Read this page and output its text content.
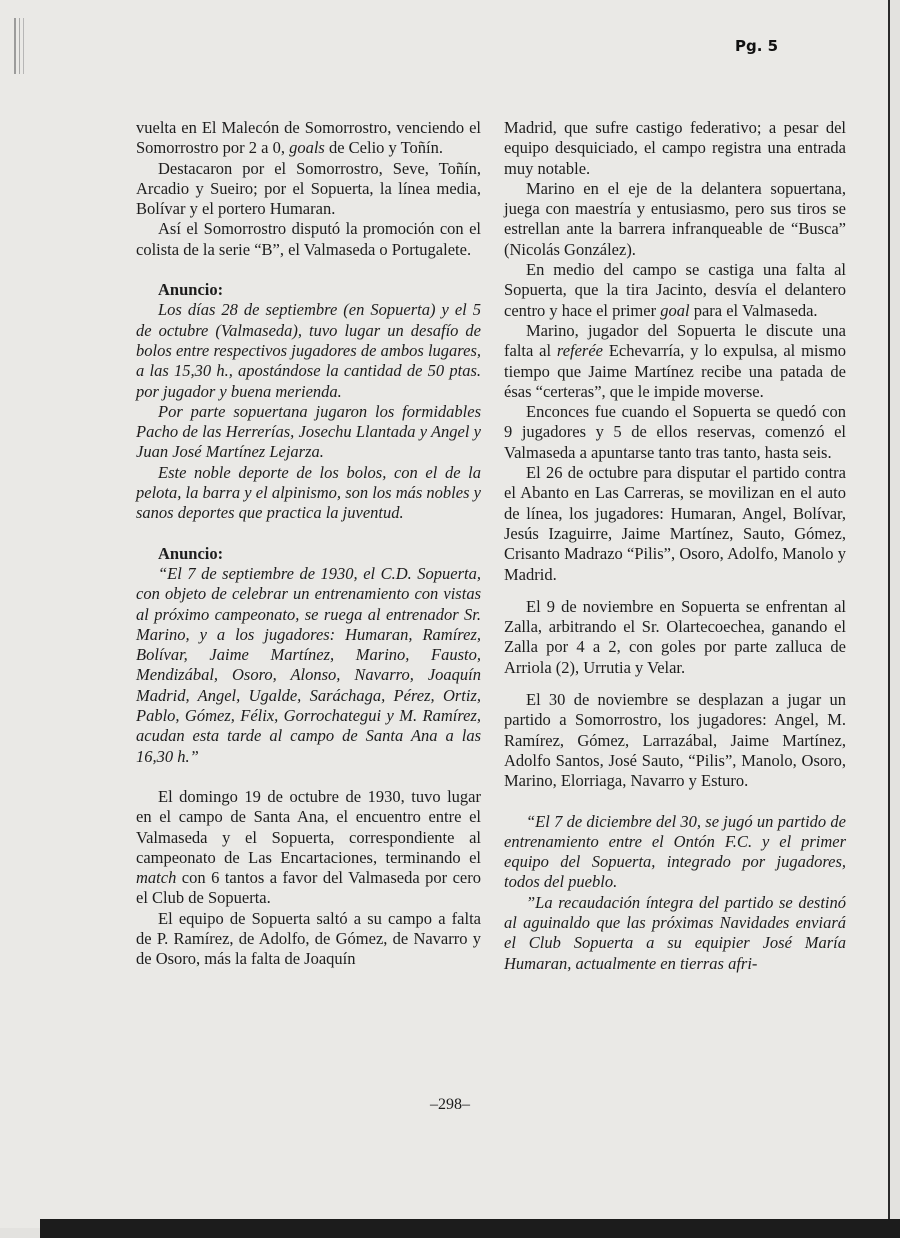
Pg. 5

vuelta en El Malecón de Somorrostro, venciendo el Somorrostro por 2 a 0, goals de Celio y Toñín.

Destacaron por el Somorrostro, Seve, Toñín, Arcadio y Sueiro; por el Sopuerta, la línea media, Bolívar y el portero Humaran.

Así el Somorrostro disputó la promoción con el colista de la serie “B”, el Valmaseda o Portugalete.

Anuncio:

Los días 28 de septiembre (en Sopuerta) y el 5 de octubre (Valmaseda), tuvo lugar un desafío de bolos entre respectivos jugadores de ambos lugares, a las 15,30 h., apostándose la cantidad de 50 ptas. por jugador y buena merienda.

Por parte sopuertana jugaron los formidables Pacho de las Herrerías, Josechu Llantada y Angel y Juan José Martínez Lejarza.

Este noble deporte de los bolos, con el de la pelota, la barra y el alpinismo, son los más nobles y sanos deportes que practica la juventud.

Anuncio:

“El 7 de septiembre de 1930, el C.D. Sopuerta, con objeto de celebrar un entrenamiento con vistas al próximo campeonato, se ruega al entrenador Sr. Marino, y a los jugadores: Humaran, Ramírez, Bolívar, Jaime Martínez, Marino, Fausto, Mendizábal, Osoro, Alonso, Navarro, Joaquín Madrid, Angel, Ugalde, Saráchaga, Pérez, Ortiz, Pablo, Gómez, Félix, Gorrochategui y M. Ramírez, acudan esta tarde al campo de Santa Ana a las 16,30 h.”

El domingo 19 de octubre de 1930, tuvo lugar en el campo de Santa Ana, el encuentro entre el Valmaseda y el Sopuerta, correspondiente al campeonato de Las Encartaciones, terminando el match con 6 tantos a favor del Valmaseda por cero el Club de Sopuerta.

El equipo de Sopuerta saltó a su campo a falta de P. Ramírez, de Adolfo, de Gómez, de Navarro y de Osoro, más la falta de Joaquín

Madrid, que sufre castigo federativo; a pesar del equipo desquiciado, el campo registra una entrada muy notable.

Marino en el eje de la delantera sopuertana, juega con maestría y entusiasmo, pero sus tiros se estrellan ante la barrera infranqueable de “Busca” (Nicolás González).

En medio del campo se castiga una falta al Sopuerta, que la tira Jacinto, desvía el delantero centro y hace el primer goal para el Valmaseda.

Marino, jugador del Sopuerta le discute una falta al referée Echevarría, y lo expulsa, al mismo tiempo que Jaime Martínez recibe una patada de ésas “certeras”, que le impide moverse.

Enconces fue cuando el Sopuerta se quedó con 9 jugadores y 5 de ellos reservas, comenzó el Valmaseda a apuntarse tanto tras tanto, hasta seis.

El 26 de octubre para disputar el partido contra el Abanto en Las Carreras, se movilizan en el auto de línea, los jugadores: Humaran, Angel, Bolívar, Jesús Izaguirre, Jaime Martínez, Sauto, Gómez, Crisanto Madrazo “Pilis”, Osoro, Adolfo, Manolo y Madrid.

El 9 de noviembre en Sopuerta se enfrentan al Zalla, arbitrando el Sr. Olartecoechea, ganando el Zalla por 4 a 2, con goles por parte zalluca de Arriola (2), Urrutia y Velar.

El 30 de noviembre se desplazan a jugar un partido a Somorrostro, los jugadores: Angel, M. Ramírez, Gómez, Larrazábal, Jaime Martínez, Adolfo Santos, José Sauto, “Pilis”, Manolo, Osoro, Marino, Elorriaga, Navarro y Esturo.

“El 7 de diciembre del 30, se jugó un partido de entrenamiento entre el Ontón F.C. y el primer equipo del Sopuerta, integrado por jugadores, todos del pueblo.

”La recaudación íntegra del partido se destinó al aguinaldo que las próximas Navidades enviará el Club Sopuerta a su equipier José María Humaran, actualmente en tierras afri-

–298–
